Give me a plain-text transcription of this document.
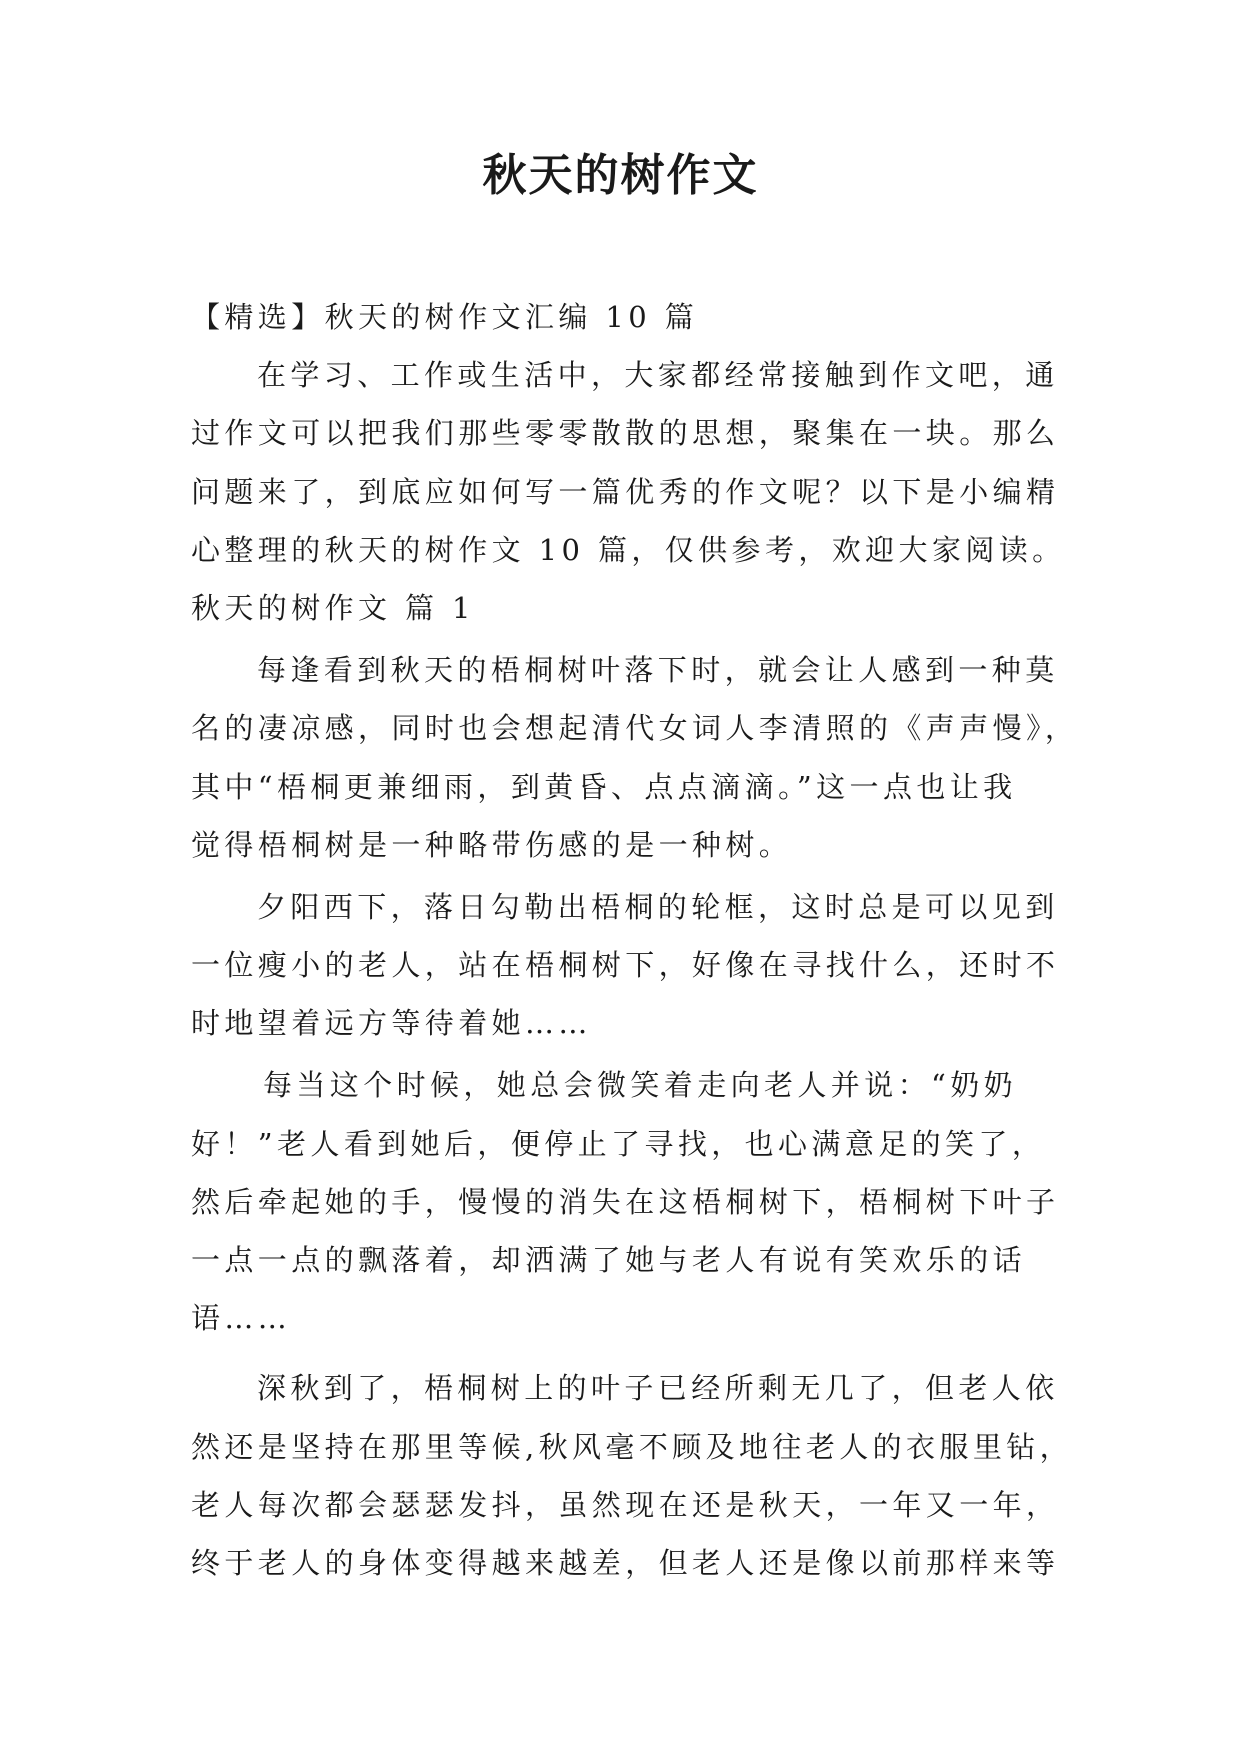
秋天的树作文
【精选】秋天的树作文汇编 10 篇
在学习、工作或生活中，大家都经常接触到作文吧，通
过作文可以把我们那些零零散散的思想，聚集在一块。那么
问题来了，到底应如何写一篇优秀的作文呢？以下是小编精
心整理的秋天的树作文 10 篇，仅供参考，欢迎大家阅读。
秋天的树作文 篇 1
每逢看到秋天的梧桐树叶落下时，就会让人感到一种莫
名的凄凉感，同时也会想起清代女词人李清照的《声声慢》，
其中“梧桐更兼细雨，到黄昏、点点滴滴。”这一点也让我
觉得梧桐树是一种略带伤感的是一种树。
夕阳西下，落日勾勒出梧桐的轮框，这时总是可以见到
一位瘦小的老人，站在梧桐树下，好像在寻找什么，还时不
时地望着远方等待着她……
每当这个时候，她总会微笑着走向老人并说：“奶奶
好！”老人看到她后，便停止了寻找，也心满意足的笑了，
然后牵起她的手，慢慢的消失在这梧桐树下，梧桐树下叶子
一点一点的飘落着，却洒满了她与老人有说有笑欢乐的话
语……
深秋到了，梧桐树上的叶子已经所剩无几了，但老人依
然还是坚持在那里等候,秋风毫不顾及地往老人的衣服里钻，
老人每次都会瑟瑟发抖，虽然现在还是秋天，一年又一年，
终于老人的身体变得越来越差，但老人还是像以前那样来等
